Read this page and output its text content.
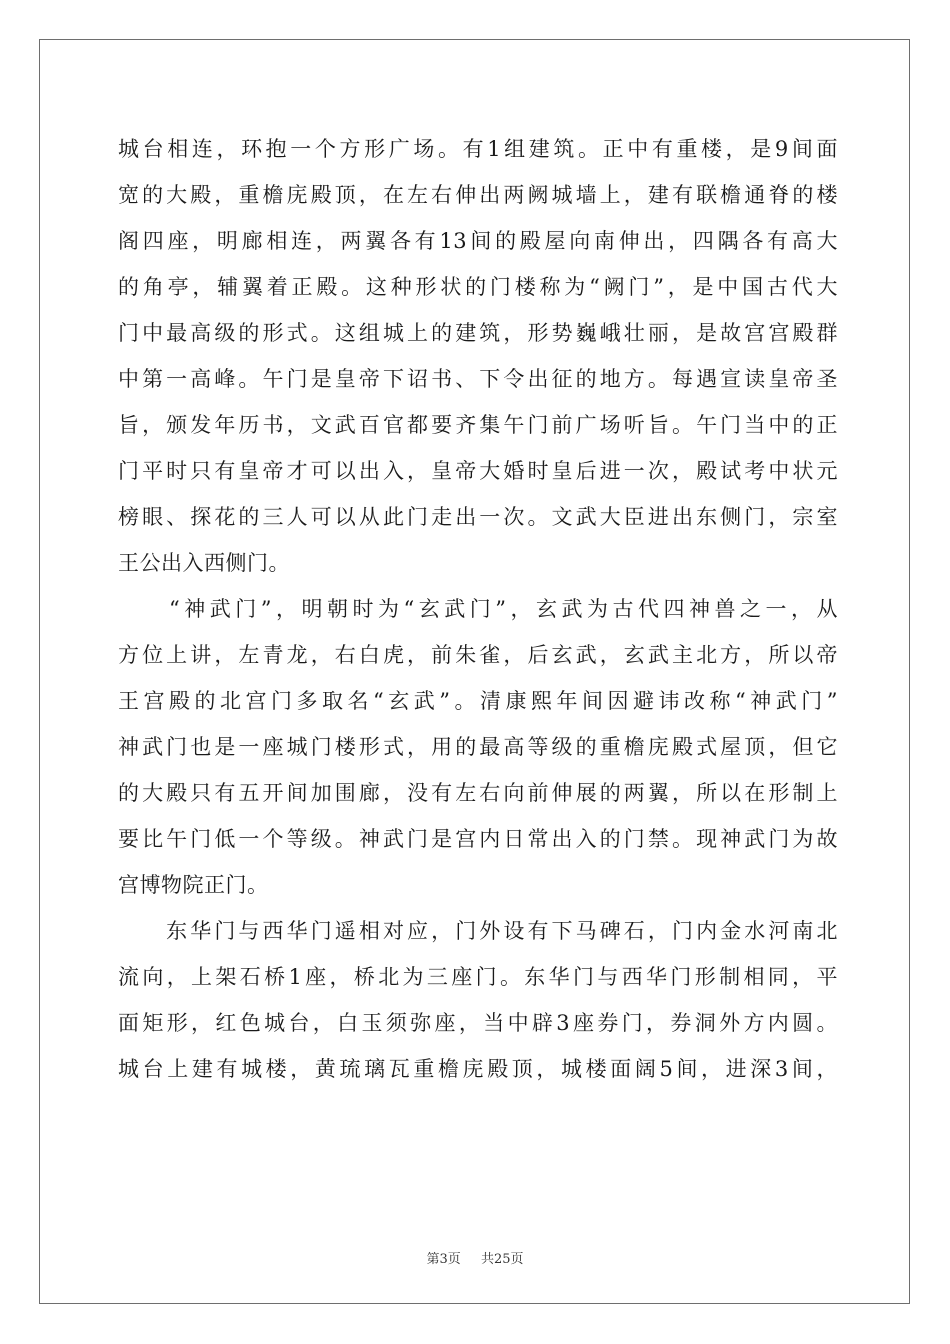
城台相连，环抱一个方形广场。有1组建筑。正中有重楼，是9间面
宽的大殿，重檐庑殿顶，在左右伸出两阙城墙上，建有联檐通脊的楼
阁四座，明廊相连，两翼各有13间的殿屋向南伸出，四隅各有高大
的角亭，辅翼着正殿。这种形状的门楼称为“阙门”，是中国古代大
门中最高级的形式。这组城上的建筑，形势巍峨壮丽，是故宫宫殿群
中第一高峰。午门是皇帝下诏书、下令出征的地方。每遇宣读皇帝圣
旨，颁发年历书，文武百官都要齐集午门前广场听旨。午门当中的正
门平时只有皇帝才可以出入，皇帝大婚时皇后进一次，殿试考中状元
榜眼、探花的三人可以从此门走出一次。文武大臣进出东侧门，宗室
王公出入西侧门。
　　“神武门”，明朝时为“玄武门”，玄武为古代四神兽之一，从
方位上讲，左青龙，右白虎，前朱雀，后玄武，玄武主北方，所以帝
王宫殿的北宫门多取名“玄武”。清康熙年间因避讳改称“神武门”
神武门也是一座城门楼形式，用的最高等级的重檐庑殿式屋顶，但它
的大殿只有五开间加围廊，没有左右向前伸展的两翼，所以在形制上
要比午门低一个等级。神武门是宫内日常出入的门禁。现神武门为故
宫博物院正门。
　　东华门与西华门遥相对应，门外设有下马碑石，门内金水河南北
流向，上架石桥1座，桥北为三座门。东华门与西华门形制相同，平
面矩形，红色城台，白玉须弥座，当中辟3座券门，券洞外方内圆。
城台上建有城楼，黄琉璃瓦重檐庑殿顶，城楼面阔5间，进深3间，
第3页 共25页
